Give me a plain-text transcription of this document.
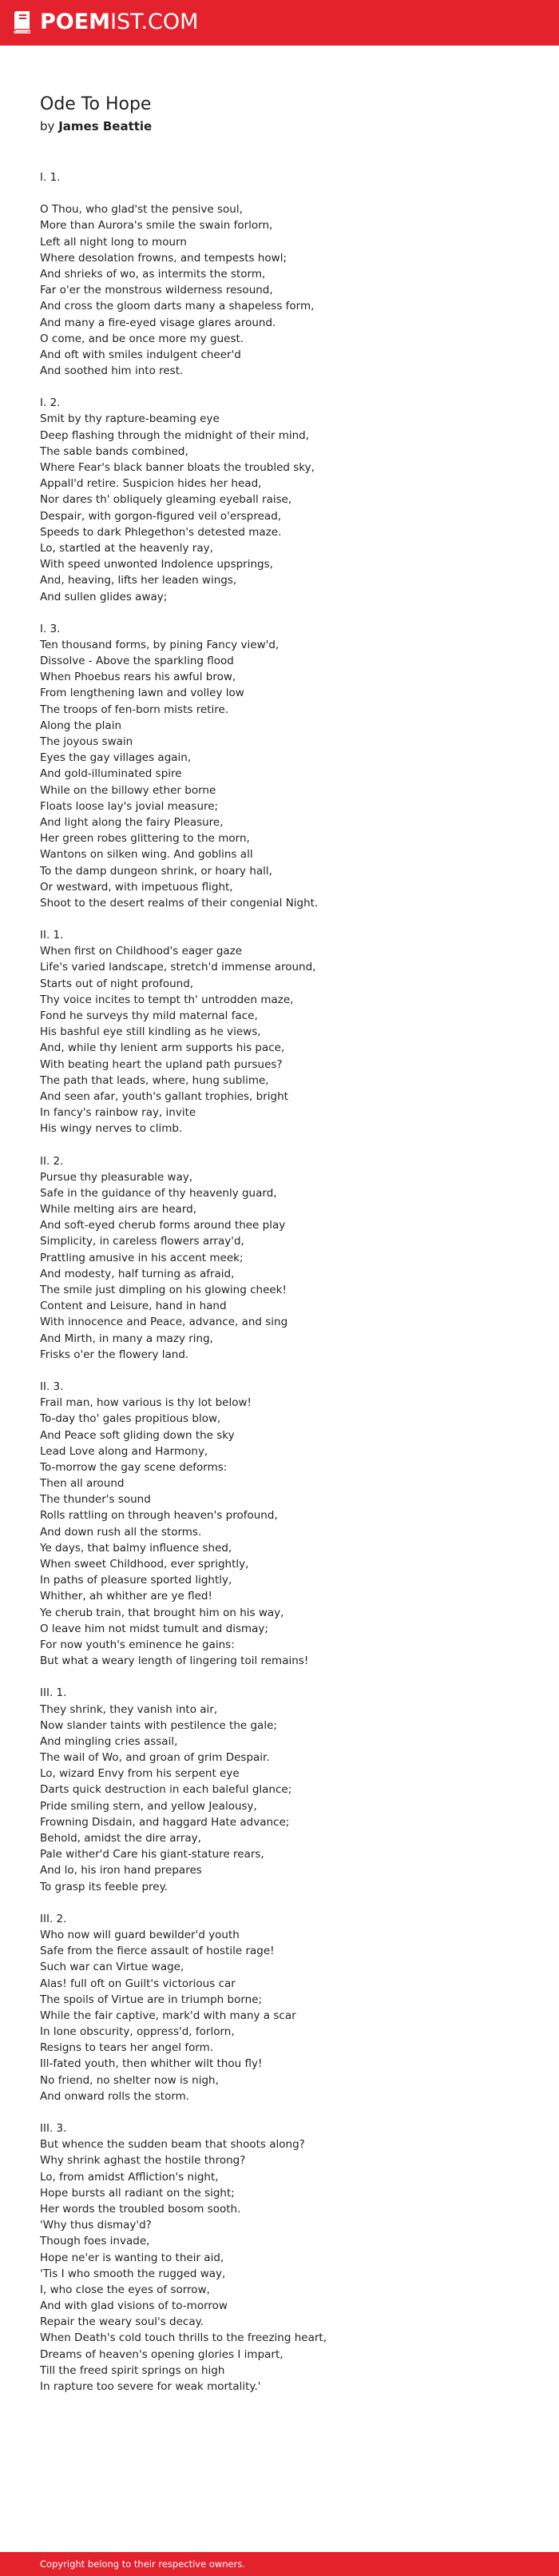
POEMIST.COM
Ode To Hope
by James Beattie
I. 1.
O Thou, who glad'st the pensive soul,
More than Aurora's smile the swain forlorn,
Left all night long to mourn
Where desolation frowns, and tempests howl;
And shrieks of wo, as intermits the storm,
Far o'er the monstrous wilderness resound,
And cross the gloom darts many a shapeless form,
And many a fire-eyed visage glares around.
O come, and be once more my guest.
And oft with smiles indulgent cheer'd
And soothed him into rest.
I. 2.
Smit by thy rapture-beaming eye
Deep flashing through the midnight of their mind,
The sable bands combined,
Where Fear's black banner bloats the troubled sky,
Appall'd retire. Suspicion hides her head,
Nor dares th' obliquely gleaming eyeball raise,
Despair, with gorgon-figured veil o'erspread,
Speeds to dark Phlegethon's detested maze.
Lo, startled at the heavenly ray,
With speed unwonted Indolence upsprings,
And, heaving, lifts her leaden wings,
And sullen glides away;
I. 3.
Ten thousand forms, by pining Fancy view'd,
Dissolve - Above the sparkling flood
When Phoebus rears his awful brow,
From lengthening lawn and volley low
The troops of fen-born mists retire.
Along the plain
The joyous swain
Eyes the gay villages again,
And gold-illuminated spire
While on the billowy ether borne
Floats loose lay's jovial measure;
And light along the fairy Pleasure,
Her green robes glittering to the morn,
Wantons on silken wing. And goblins all
To the damp dungeon shrink, or hoary hall,
Or westward, with impetuous flight,
Shoot to the desert realms of their congenial Night.
II. 1.
When first on Childhood's eager gaze
Life's varied landscape, stretch'd immense around,
Starts out of night profound,
Thy voice incites to tempt th' untrodden maze,
Fond he surveys thy mild maternal face,
His bashful eye still kindling as he views,
And, while thy lenient arm supports his pace,
With beating heart the upland path pursues?
The path that leads, where, hung sublime,
And seen afar, youth's gallant trophies, bright
In fancy's rainbow ray, invite
His wingy nerves to climb.
II. 2.
Pursue thy pleasurable way,
Safe in the guidance of thy heavenly guard,
While melting airs are heard,
And soft-eyed cherub forms around thee play
Simplicity, in careless flowers array'd,
Prattling amusive in his accent meek;
And modesty, half turning as afraid,
The smile just dimpling on his glowing cheek!
Content and Leisure, hand in hand
With innocence and Peace, advance, and sing
And Mirth, in many a mazy ring,
Frisks o'er the flowery land.
II. 3.
Frail man, how various is thy lot below!
To-day tho' gales propitious blow,
And Peace soft gliding down the sky
Lead Love along and Harmony,
To-morrow the gay scene deforms:
Then all around
The thunder's sound
Rolls rattling on through heaven's profound,
And down rush all the storms.
Ye days, that balmy influence shed,
When sweet Childhood, ever sprightly,
In paths of pleasure sported lightly,
Whither, ah whither are ye fled!
Ye cherub train, that brought him on his way,
O leave him not midst tumult and dismay;
For now youth's eminence he gains:
But what a weary length of lingering toil remains!
III. 1.
They shrink, they vanish into air,
Now slander taints with pestilence the gale;
And mingling cries assail,
The wail of Wo, and groan of grim Despair.
Lo, wizard Envy from his serpent eye
Darts quick destruction in each baleful glance;
Pride smiling stern, and yellow Jealousy,
Frowning Disdain, and haggard Hate advance;
Behold, amidst the dire array,
Pale wither'd Care his giant-stature rears,
And lo, his iron hand prepares
To grasp its feeble prey.
III. 2.
Who now will guard bewilder'd youth
Safe from the fierce assault of hostile rage!
Such war can Virtue wage,
Alas! full oft on Guilt's victorious car
The spoils of Virtue are in triumph borne;
While the fair captive, mark'd with many a scar
In lone obscurity, oppress'd, forlorn,
Resigns to tears her angel form.
Ill-fated youth, then whither wilt thou fly!
No friend, no shelter now is nigh,
And onward rolls the storm.
III. 3.
But whence the sudden beam that shoots along?
Why shrink aghast the hostile throng?
Lo, from amidst Affliction's night,
Hope bursts all radiant on the sight;
Her words the troubled bosom sooth.
'Why thus dismay'd?
Though foes invade,
Hope ne'er is wanting to their aid,
'Tis I who smooth the rugged way,
I, who close the eyes of sorrow,
And with glad visions of to-morrow
Repair the weary soul's decay.
When Death's cold touch thrills to the freezing heart,
Dreams of heaven's opening glories I impart,
Till the freed spirit springs on high
In rapture too severe for weak mortality.'
Copyright belong to their respective owners.
